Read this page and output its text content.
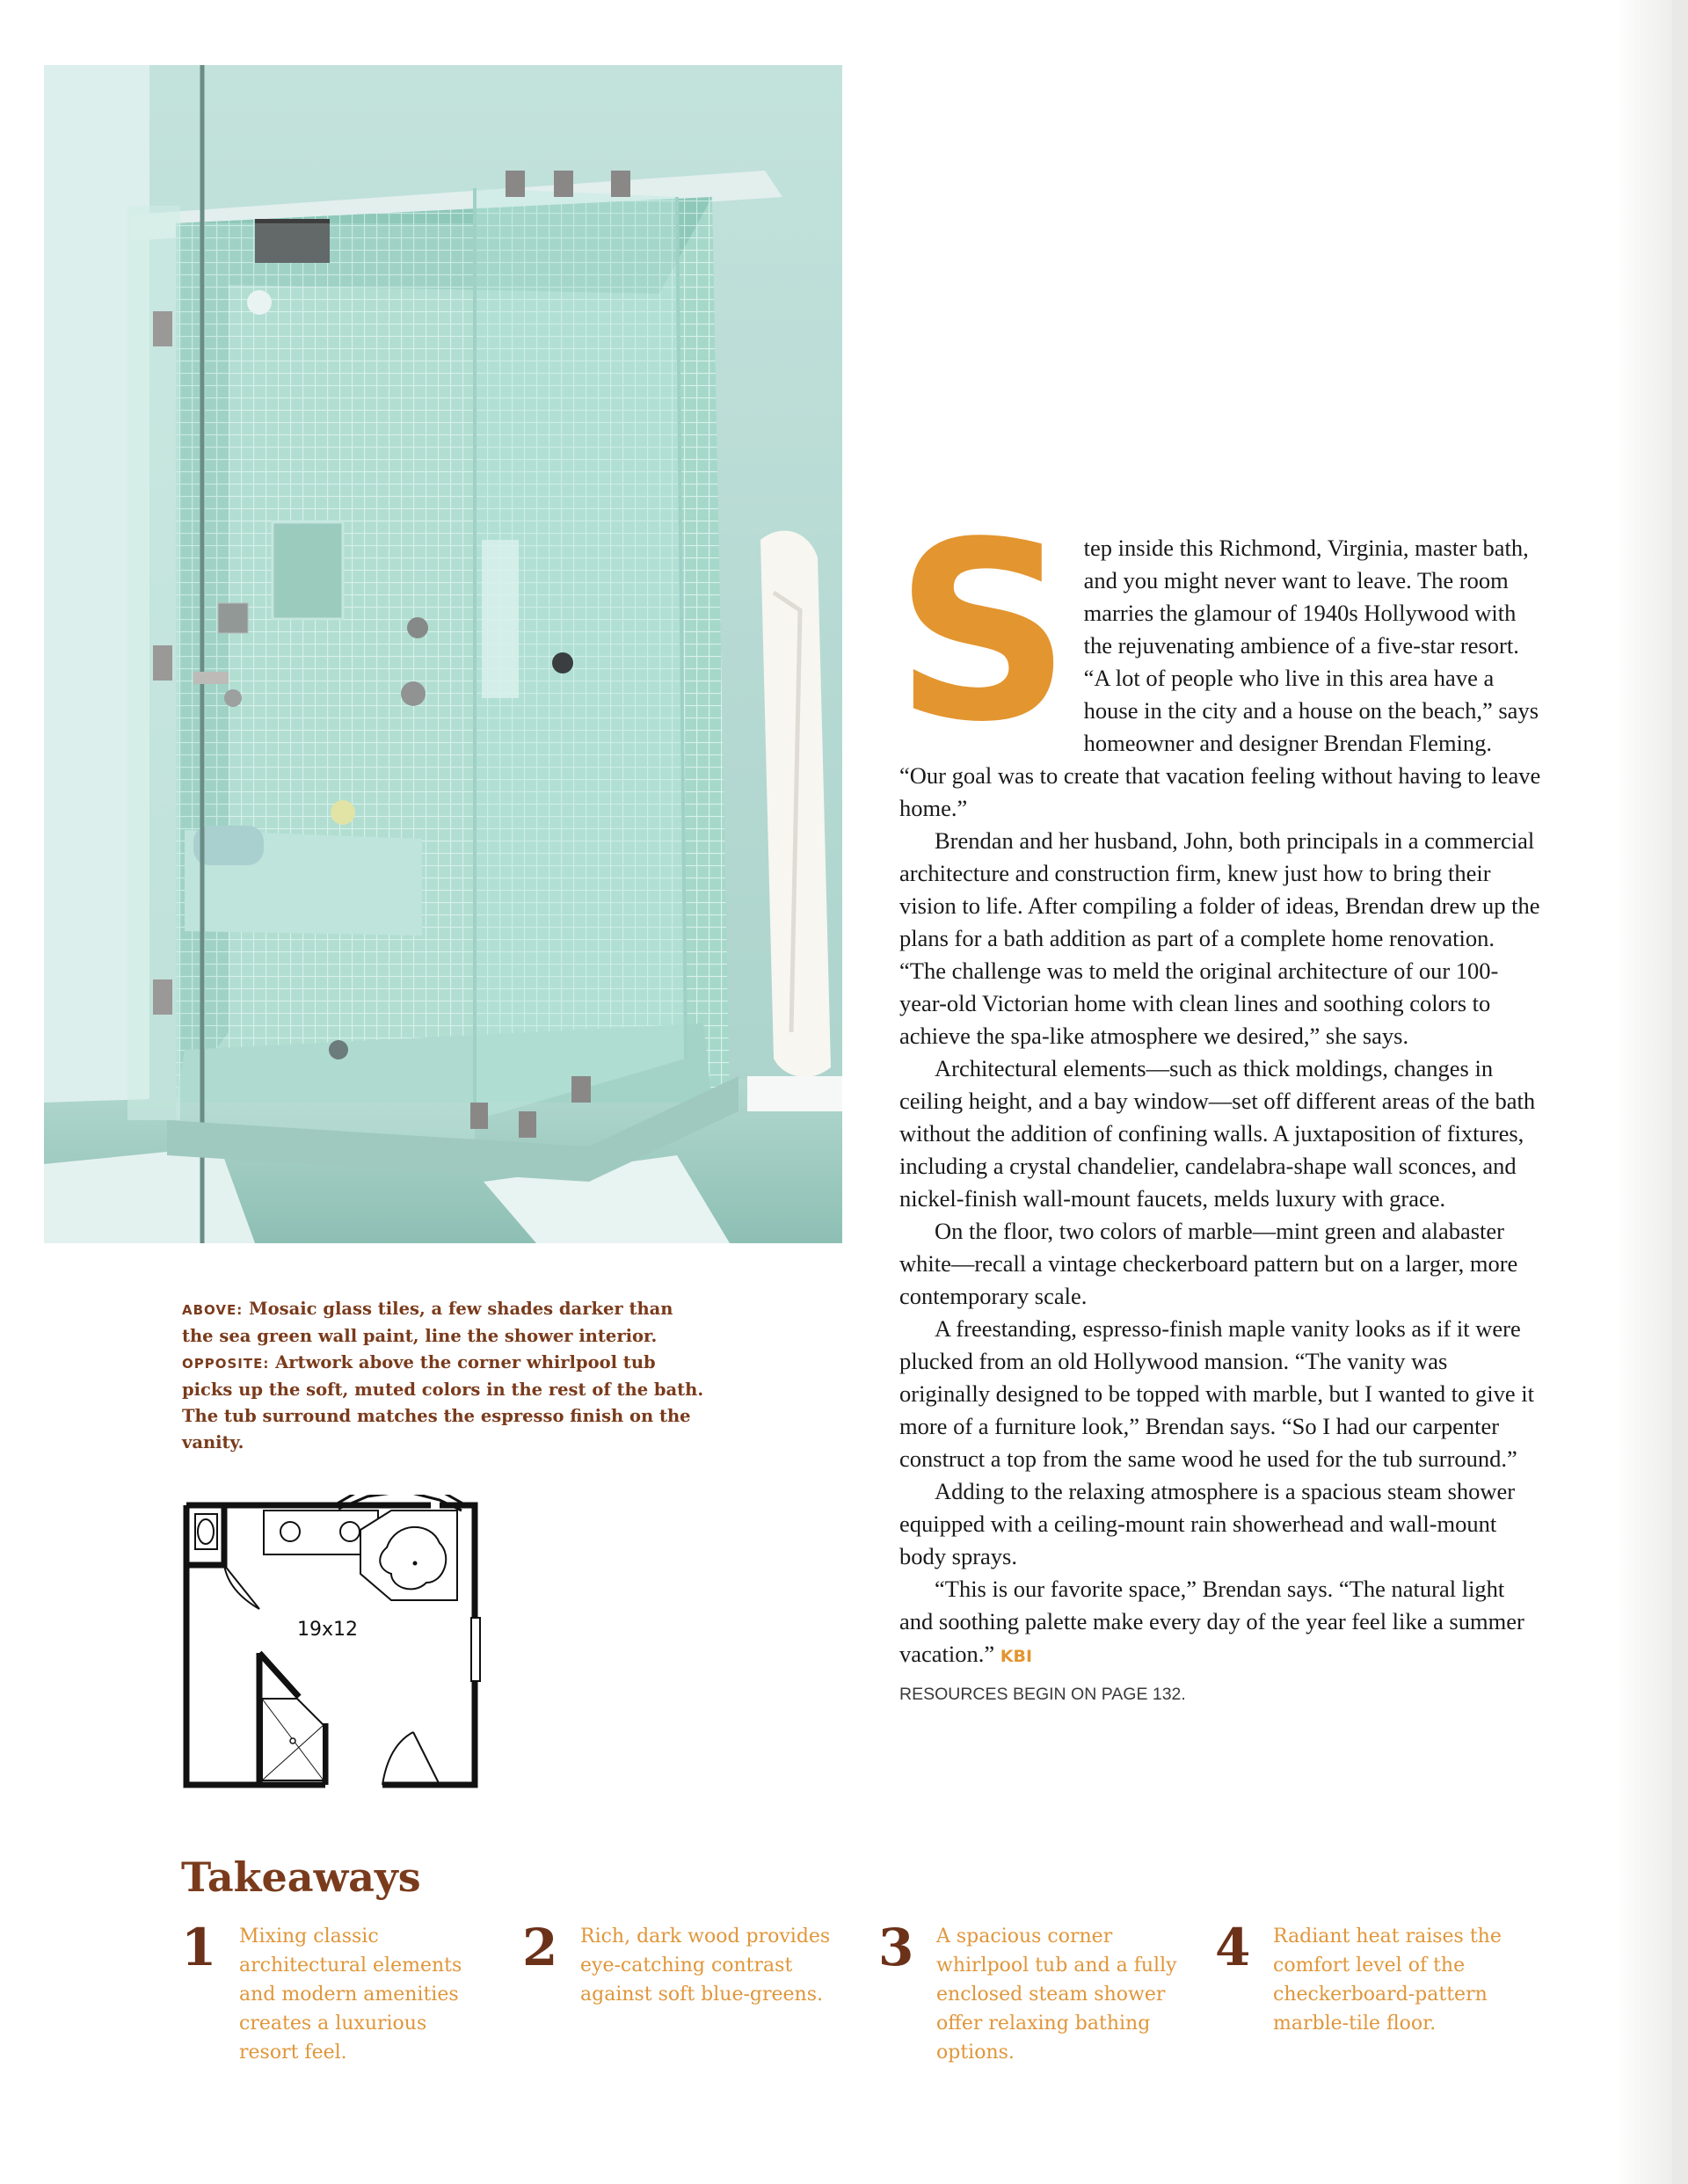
ABOVE: Mosaic glass tiles, a few shades darker than the sea green wall paint, line the shower interior. OPPOSITE: Artwork above the corner whirlpool tub picks up the soft, muted colors in the rest of the bath. The tub surround matches the espresso finish on the vanity.
19x12

Step inside this Richmond, Virginia, master bath, and you might never want to leave. The room marries the glamour of 1940s Hollywood with the rejuvenating ambience of a five-star resort. “A lot of people who live in this area have a house in the city and a house on the beach,” says homeowner and designer Brendan Fleming. “Our goal was to create that vacation feeling without having to leave home.”

Brendan and her husband, John, both principals in a commercial architecture and construction firm, knew just how to bring their vision to life. After compiling a folder of ideas, Brendan drew up the plans for a bath addition as part of a complete home renovation. “The challenge was to meld the original architecture of our 100-year-old Victorian home with clean lines and soothing colors to achieve the spa-like atmosphere we desired,” she says.

Architectural elements—such as thick moldings, changes in ceiling height, and a bay window—set off different areas of the bath without the addition of confining walls. A juxtaposition of fixtures, including a crystal chandelier, candelabra-shape wall sconces, and nickel-finish wall-mount faucets, melds luxury with grace.

On the floor, two colors of marble—mint green and alabaster white—recall a vintage checkerboard pattern but on a larger, more contemporary scale.

A freestanding, espresso-finish maple vanity looks as if it were plucked from an old Hollywood mansion. “The vanity was originally designed to be topped with marble, but I wanted to give it more of a furniture look,” Brendan says. “So I had our carpenter construct a top from the same wood he used for the tub surround.”

Adding to the relaxing atmosphere is a spacious steam shower equipped with a ceiling-mount rain showerhead and wall-mount body sprays.

“This is our favorite space,” Brendan says. “The natural light and soothing palette make every day of the year feel like a summer vacation.” KBI

RESOURCES BEGIN ON PAGE 132.

Takeaways
1 Mixing classic architectural elements and modern amenities creates a luxurious resort feel.
2 Rich, dark wood provides eye-catching contrast against soft blue-greens.
3 A spacious corner whirlpool tub and a fully enclosed steam shower offer relaxing bathing options.
4 Radiant heat raises the comfort level of the checkerboard-pattern marble-tile floor.
